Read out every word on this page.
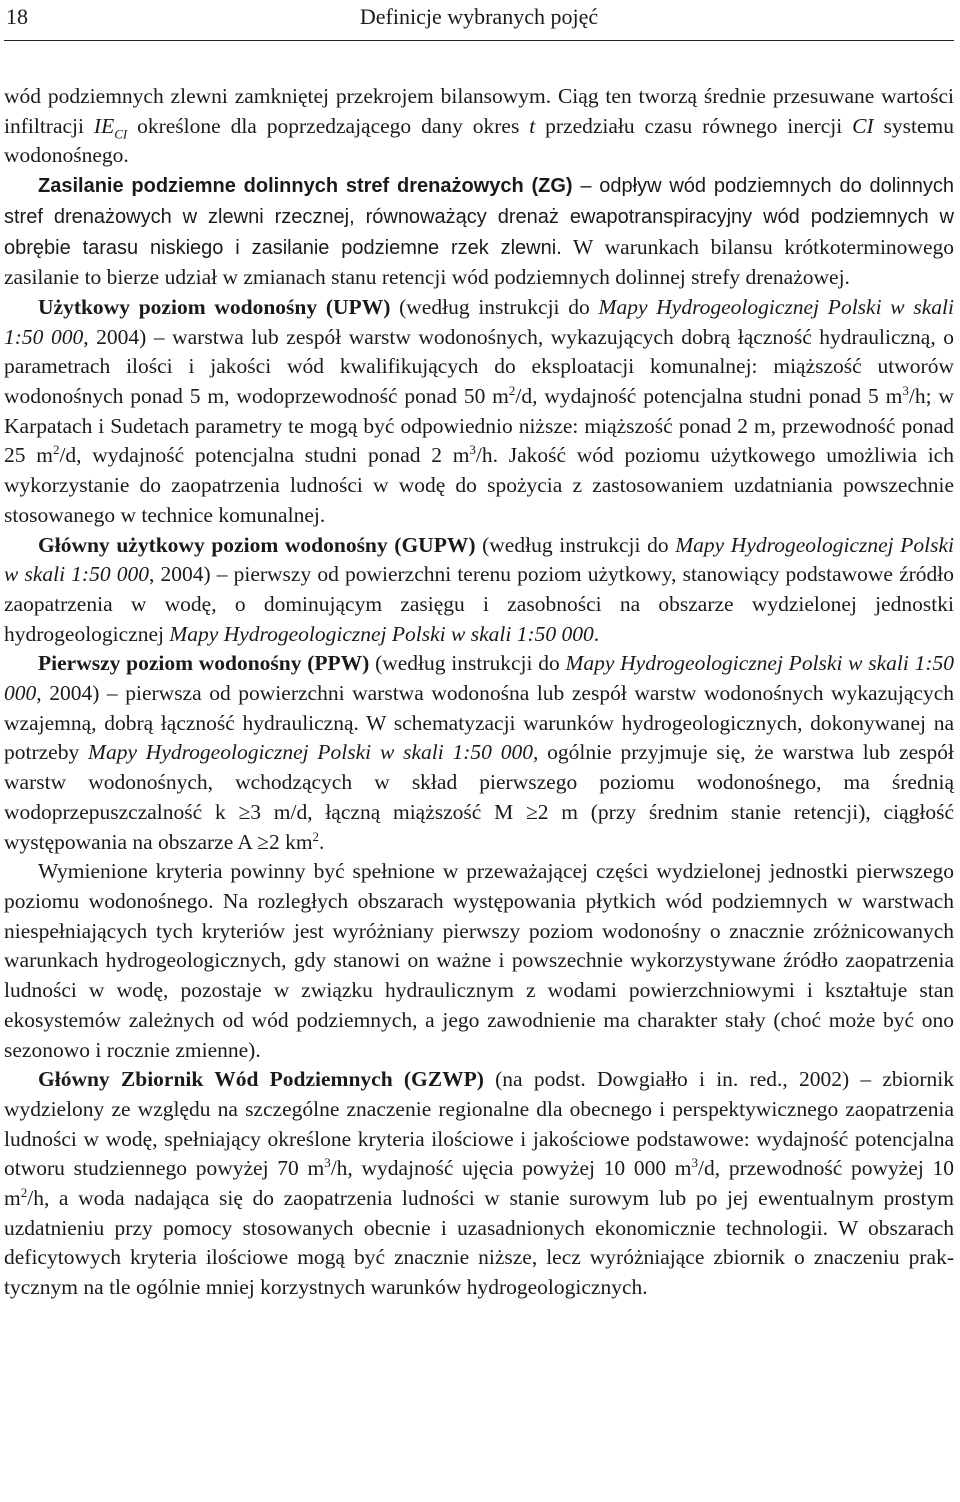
18	Definicje wybranych pojęć

wód podziemnych zlewni zamkniętej przekrojem bilansowym. Ciąg ten tworzą średnie przesuwane wartości infiltracji $IE_{CI}$ określone dla poprzedzającego dany okres t przedziału czasu równego inercji CI systemu wodonośnego.

Zasilanie podziemne dolinnych stref drenażowych (ZG) – odpływ wód podziemnych do dolinnych stref drenażowych w zlewni rzecznej, równoważący drenaż ewapotranspiracyjny wód podziemnych w obrębie tarasu niskiego i zasilanie podziemne rzek zlewni. W warunkach bilansu krótkoterminowego zasilanie to bierze udział w zmianach stanu retencji wód podziemnych dolinnej strefy drenażowej.

Użytkowy poziom wodonośny (UPW) (według instrukcji do Mapy Hydrogeologicznej Polski w skali 1:50 000, 2004) – warstwa lub zespół warstw wodonośnych, wykazujących dobrą łączność hydrauliczną, o parametrach ilości i jakości wód kwalifikujących do eksploatacji komunalnej: miąższość utworów wodonośnych ponad 5 m, wodoprzewodność ponad 50 $m^2/d$, wydajność potencjalna studni ponad 5 $m^3/h$; w Karpatach i Sudetach parametry te mogą być odpowiednio niższe: miąższość ponad 2 m, przewodność ponad 25 $m^2/d$, wydajność potencjalna studni ponad 2 $m^3/h$. Jakość wód poziomu użytkowego umożliwia ich wykorzystanie do zaopatrzenia ludności w wodę do spożycia z zastosowaniem uzdatniania powszechnie stosowanego w technice komunalnej.

Główny użytkowy poziom wodonośny (GUPW) (według instrukcji do Mapy Hydrogeologicznej Polski w skali 1:50 000, 2004) – pierwszy od powierzchni terenu poziom użytkowy, stanowiący podstawowe źródło zaopatrzenia w wodę, o dominującym zasięgu i zasobności na obszarze wydzielonej jednostki hydrogeologicznej Mapy Hydrogeologicznej Polski w skali 1:50 000.

Pierwszy poziom wodonośny (PPW) (według instrukcji do Mapy Hydrogeologicznej Polski w skali 1:50 000, 2004) – pierwsza od powierzchni warstwa wodonośna lub zespół warstw wodonośnych wykazujących wzajemną, dobrą łączność hydrauliczną. W schematyzacji warunków hydrogeologicznych, dokonywanej na potrzeby Mapy Hydrogeologicznej Polski w skali 1:50 000, ogólnie przyjmuje się, że warstwa lub zespół warstw wodonośnych, wchodzących w skład pierwszego poziomu wodonośnego, ma średnią wodoprzepuszczalność k ≥3 m/d, łączną miąższość M ≥2 m (przy średnim stanie retencji), ciągłość występowania na obszarze A ≥2 $km^2$.

Wymienione kryteria powinny być spełnione w przeważającej części wydzielonej jednostki pierwszego poziomu wodonośnego. Na rozległych obszarach występowania płytkich wód podziemnych w warstwach niespełniających tych kryteriów jest wyróżniany pierwszy poziom wodonośny o znacznie zróżnicowanych warunkach hydrogeologicznych, gdy stanowi on ważne i powszechnie wykorzystywane źródło zaopatrzenia ludności w wodę, pozostaje w związku hydraulicznym z wodami powierzchniowymi i kształtuje stan ekosystemów zależnych od wód podziemnych, a jego zawodnienie ma charakter stały (choć może być ono sezonowo i rocznie zmienne).

Główny Zbiornik Wód Podziemnych (GZWP) (na podst. Dowgiałło i in. red., 2002) – zbiornik wydzielony ze względu na szczególne znaczenie regionalne dla obecnego i perspektywicznego zaopatrzenia ludności w wodę, spełniający określone kryteria ilościowe i jakościowe podstawowe: wydajność potencjalna otworu studziennego powyżej 70 $m^3/h$, wydajność ujęcia powyżej 10 000 $m^3/d$, przewodność powyżej 10 $m^2/h$, a woda nadająca się do zaopatrzenia ludności w stanie surowym lub po jej ewentualnym prostym uzdatnieniu przy pomocy stosowanych obecnie i uzasadnionych ekonomicznie technologii. W obszarach deficytowych kryteria ilościowe mogą być znacznie niższe, lecz wyróżniające zbiornik o znaczeniu praktycznym na tle ogólnie mniej korzystnych warunków hydrogeologicznych.
